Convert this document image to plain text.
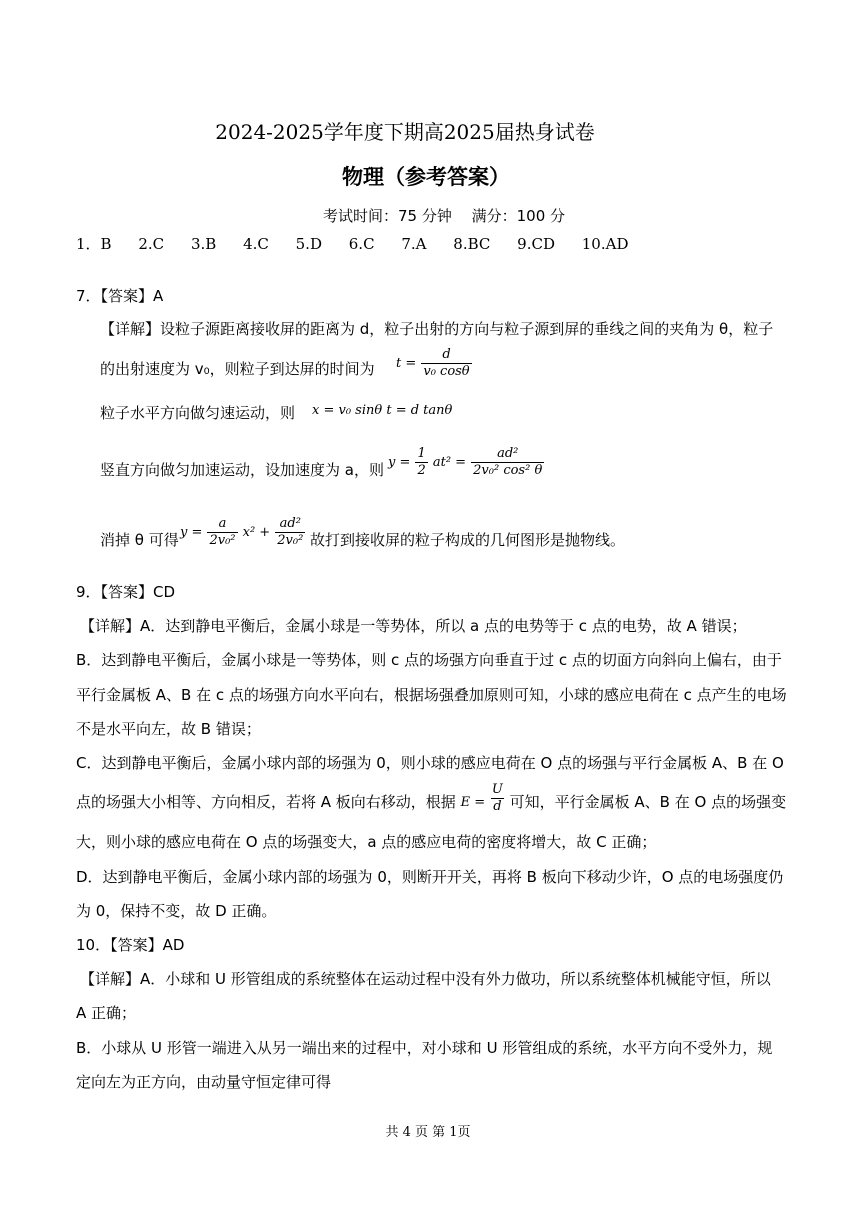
2024-2025学年度下期高2025届热身试卷
物理（参考答案）
考试时间：75 分钟　 满分：100 分
1．B 2.C 3.B 4.C 5.D 6.C 7.A 8.BC 9.CD 10.AD
7．【答案】A
【详解】设粒子源距离接收屏的距离为 d，粒子出射的方向与粒子源到屏的垂线之间的夹角为 θ，粒子
的出射速度为 v₀，则粒子到达屏的时间为 $t = \frac{d}{\text{v₀ cosθ}}$
粒子水平方向做匀速运动，则 x = v₀ sinθ t = d tanθ
竖直方向做匀加速运动，设加速度为 a，则 $y = \frac{1}{2} at^2 = \frac{\text{ad²}}{\text{2v₀² cos² θ}}$
消掉 θ 可得 $y = \frac{a}{\text{2v₀²}} x^2 + \frac{\text{ad²}}{\text{2v₀²}}$ 故打到接收屏的粒子构成的几何图形是抛物线。
9．【答案】CD
【详解】A．达到静电平衡后，金属小球是一等势体，所以 a 点的电势等于 c 点的电势，故 A 错误；
B．达到静电平衡后，金属小球是一等势体，则 c 点的场强方向垂直于过 c 点的切面方向斜向上偏右，由于
平行金属板 A、B 在 c 点的场强方向水平向右，根据场强叠加原则可知，小球的感应电荷在 c 点产生的电场
不是水平向左，故 B 错误；
C．达到静电平衡后，金属小球内部的场强为 0，则小球的感应电荷在 O 点的场强与平行金属板 A、B 在 O
点的场强大小相等、方向相反，若将 A 板向右移动，根据 $E = \frac{U}{d}$ 可知，平行金属板 A、B 在 O 点的场强变
大，则小球的感应电荷在 O 点的场强变大，a 点的感应电荷的密度将增大，故 C 正确；
D．达到静电平衡后，金属小球内部的场强为 0，则断开开关，再将 B 板向下移动少许，O 点的电场强度仍
为 0，保持不变，故 D 正确。
10．【答案】AD
【详解】A．小球和 U 形管组成的系统整体在运动过程中没有外力做功，所以系统整体机械能守恒，所以
A 正确；
B．小球从 U 形管一端进入从另一端出来的过程中，对小球和 U 形管组成的系统，水平方向不受外力，规
定向左为正方向，由动量守恒定律可得
共 4 页 第 1页
